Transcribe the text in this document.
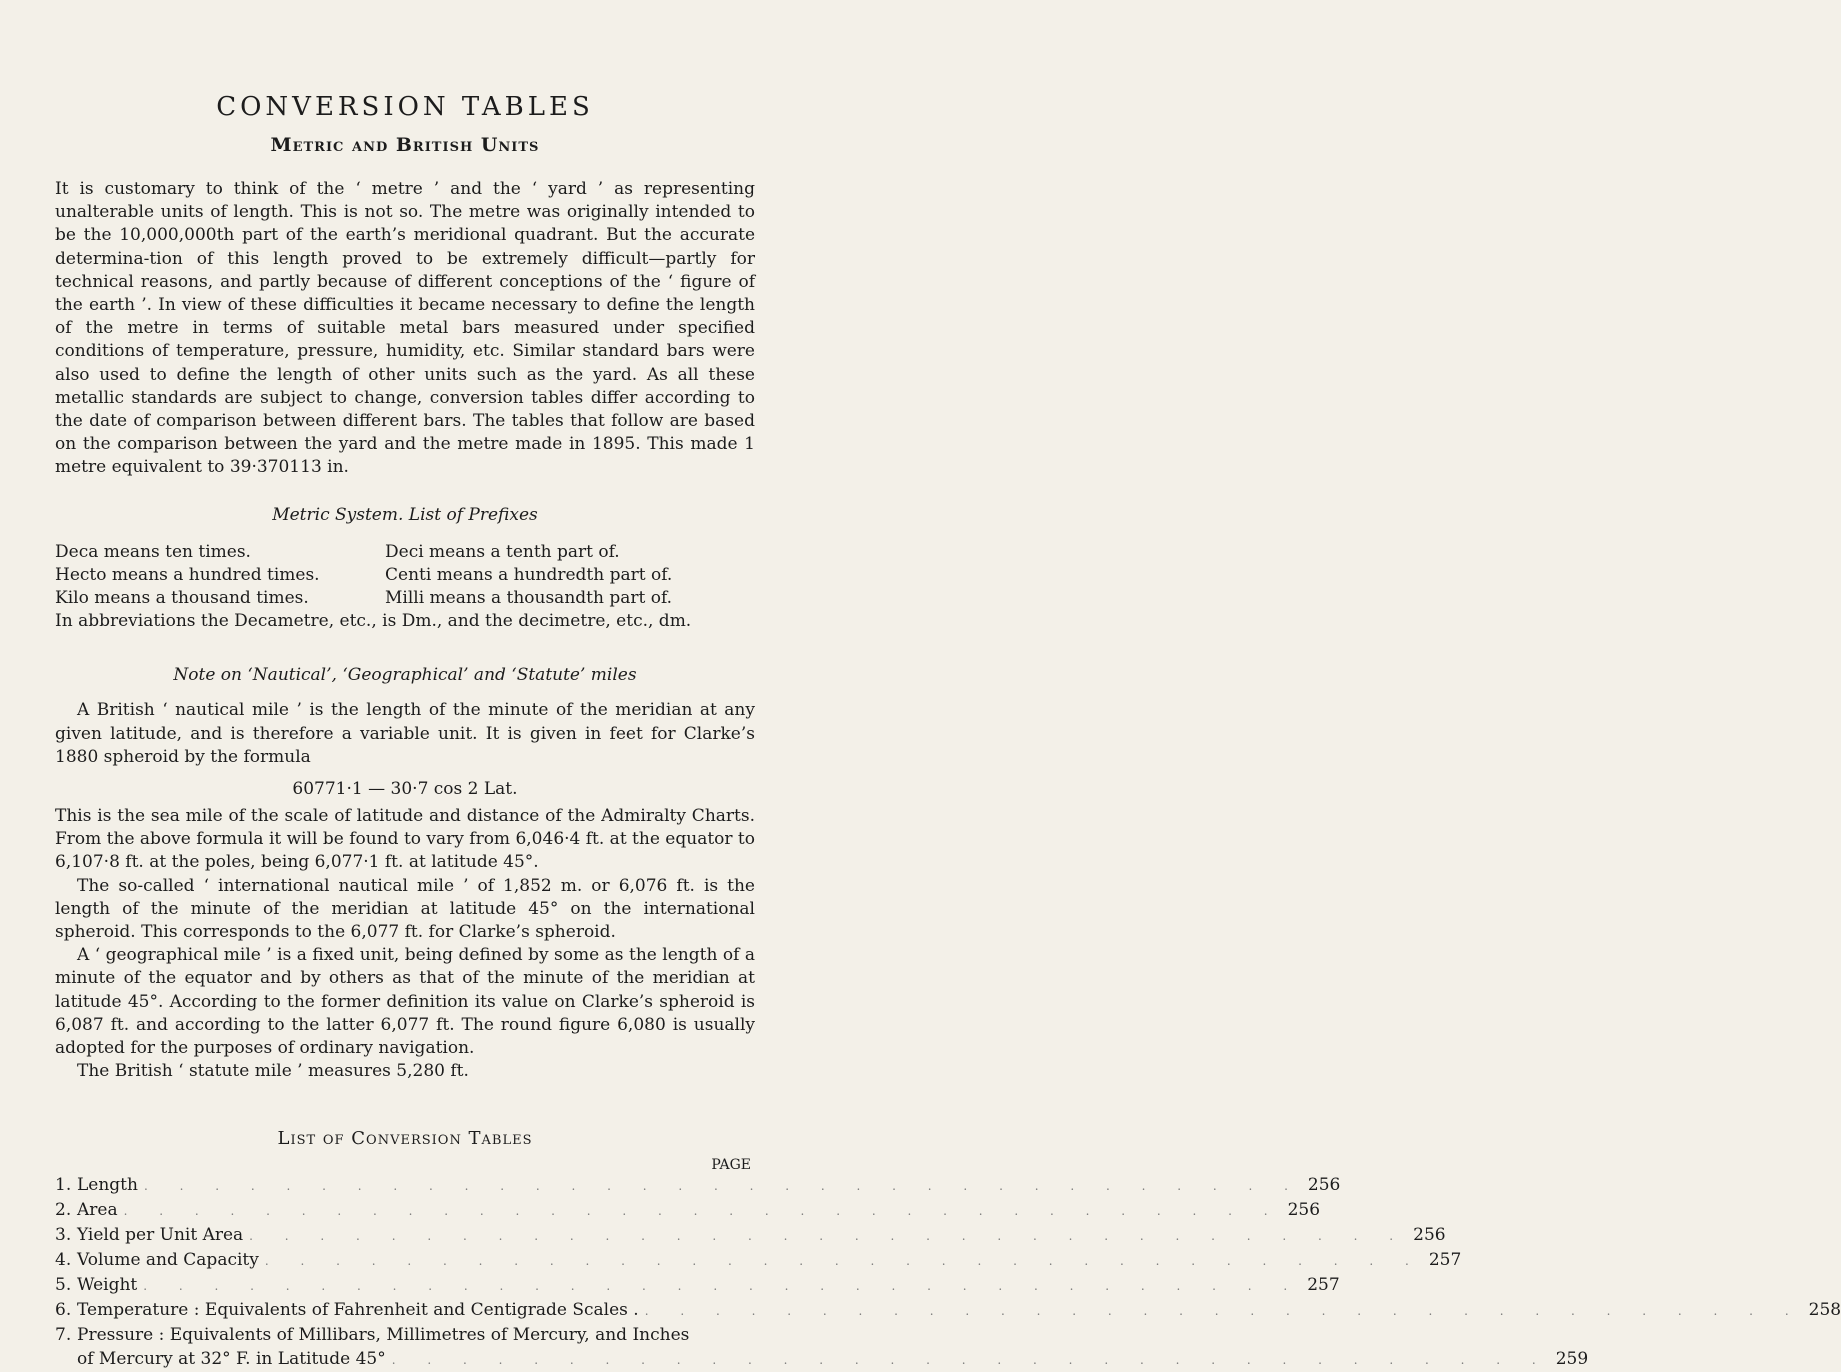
CONVERSION TABLES
Metric and British Units

It is customary to think of the ‘ metre ’ and the ‘ yard ’ as representing unalterable units of length. This is not so. The metre was originally intended to be the 10,000,000th part of the earth’s meridional quadrant. But the accurate determina-tion of this length proved to be extremely difficult—partly for technical reasons, and partly because of different conceptions of the ‘ figure of the earth ’. In view of these difficulties it became necessary to define the length of the metre in terms of suitable metal bars measured under specified conditions of temperature, pressure, humidity, etc. Similar standard bars were also used to define the length of other units such as the yard. As all these metallic standards are subject to change, conversion tables differ according to the date of comparison between different bars. The tables that follow are based on the comparison between the yard and the metre made in 1895. This made 1 metre equivalent to 39·370113 in.

Metric System. List of Prefixes
Deca means ten times.	Deci means a tenth part of.
Hecto means a hundred times.	Centi means a hundredth part of.
Kilo means a thousand times.	Milli means a thousandth part of.

In abbreviations the Decametre, etc., is Dm., and the decimetre, etc., dm.

Note on ‘Nautical’, ‘Geographical’ and ‘Statute’ miles

A British ‘ nautical mile ’ is the length of the minute of the meridian at any given latitude, and is therefore a variable unit. It is given in feet for Clarke’s 1880 spheroid by the formula

60771·1 — 30·7 cos 2 Lat.

This is the sea mile of the scale of latitude and distance of the Admiralty Charts. From the above formula it will be found to vary from 6,046·4 ft. at the equator to 6,107·8 ft. at the poles, being 6,077·1 ft. at latitude 45°.

The so-called ‘ international nautical mile ’ of 1,852 m. or 6,076 ft. is the length of the minute of the meridian at latitude 45° on the international spheroid. This corresponds to the 6,077 ft. for Clarke’s spheroid.

A ‘ geographical mile ’ is a fixed unit, being defined by some as the length of a minute of the equator and by others as that of the minute of the meridian at latitude 45°. According to the former definition its value on Clarke’s spheroid is 6,087 ft. and according to the latter 6,077 ft. The round figure 6,080 is usually adopted for the purposes of ordinary navigation.

The British ‘ statute mile ’ measures 5,280 ft.

List of Conversion Tables
PAGE
1. Length . . . . . . . . . . . . . . . . . . . . . . . . . . . . . . . . . 256
2. Area . . . . . . . . . . . . . . . . . . . . . . . . . . . . . . . . . 256
3. Yield per Unit Area . . . . . . . . . . . . . . . . . . . . . . . . . . . . . . . . . 256
4. Volume and Capacity . . . . . . . . . . . . . . . . . . . . . . . . . . . . . . . . . 257
5. Weight . . . . . . . . . . . . . . . . . . . . . . . . . . . . . . . . . 257
6. Temperature : Equivalents of Fahrenheit and Centigrade Scales . . . . . . . . . . . . . . . . . . . . . . . . . . . . . . . . . . 258
7. Pressure : Equivalents of Millibars, Millimetres of Mercury, and Inches
of Mercury at 32° F. in Latitude 45° . . . . . . . . . . . . . . . . . . . . . . . . . . . . . . . . . 259
